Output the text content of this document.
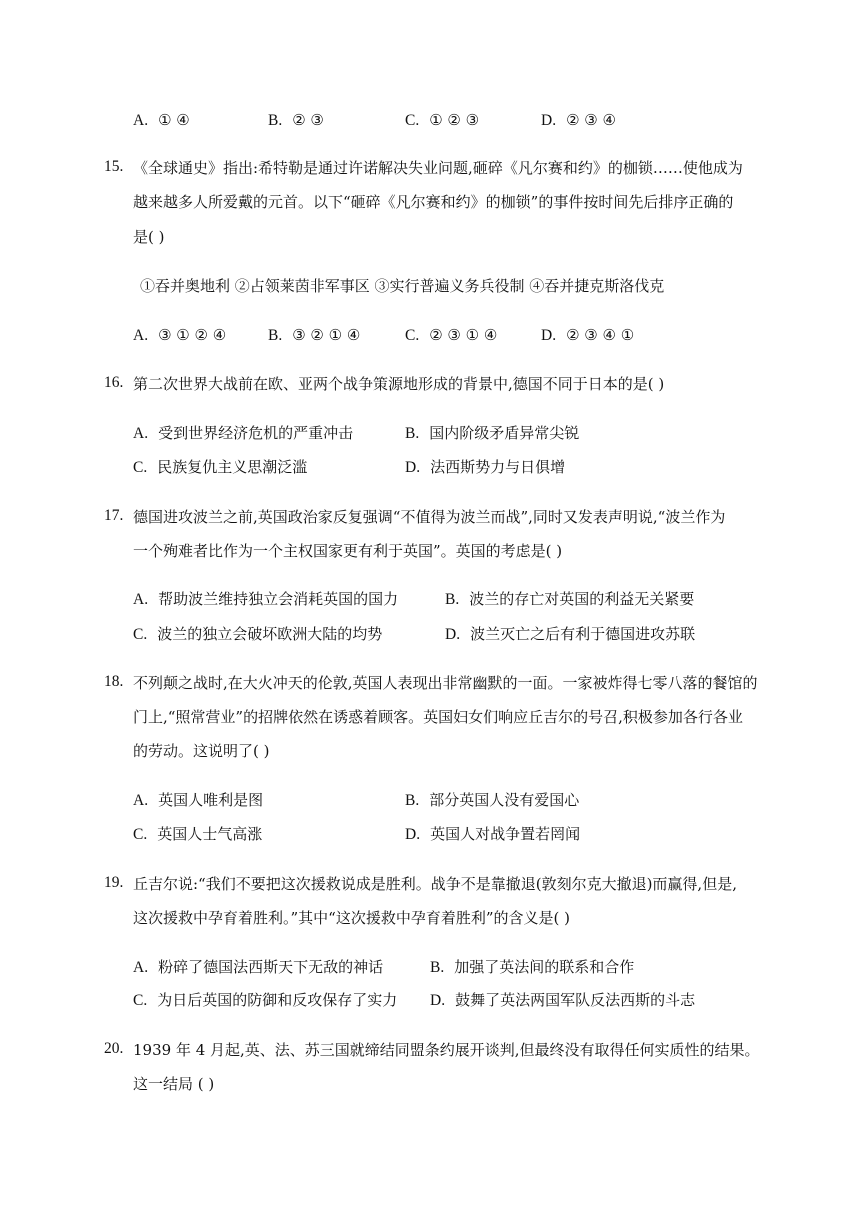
A. ① ④	B. ② ③	C. ① ② ③	D. ② ③ ④
15. 《全球通史》指出:希特勒是通过许诺解决失业问题,砸碎《凡尔赛和约》的枷锁‥‥‥使他成为
越来越多人所爱戴的元首。以下“砸碎《凡尔赛和约》的枷锁”的事件按时间先后排序正确的
是( )
①吞并奥地利 ②占领莱茵非军事区 ③实行普遍义务兵役制 ④吞并捷克斯洛伐克
A. ③ ① ② ④	B. ③ ② ① ④	C. ② ③ ① ④	D. ② ③ ④ ①
16. 第二次世界大战前在欧、亚两个战争策源地形成的背景中,德国不同于日本的是( )
A. 受到世界经济危机的严重冲击	B. 国内阶级矛盾异常尖锐
C. 民族复仇主义思潮泛滥	D. 法西斯势力与日俱增
17. 德国进攻波兰之前,英国政治家反复强调“不值得为波兰而战”,同时又发表声明说,“波兰作为
一个殉难者比作为一个主权国家更有利于英国”。英国的考虑是( )
A. 帮助波兰维持独立会消耗英国的国力	B. 波兰的存亡对英国的利益无关紧要
C. 波兰的独立会破坏欧洲大陆的均势	D. 波兰灭亡之后有利于德国进攻苏联
18. 不列颠之战时,在大火冲天的伦敦,英国人表现出非常幽默的一面。一家被炸得七零八落的餐馆的
门上,“照常营业”的招牌依然在诱惑着顾客。英国妇女们响应丘吉尔的号召,积极参加各行各业
的劳动。这说明了( )
A. 英国人唯利是图	B. 部分英国人没有爱国心
C. 英国人士气高涨	D. 英国人对战争置若罔闻
19. 丘吉尔说:“我们不要把这次援救说成是胜利。战争不是靠撤退(敦刻尔克大撤退)而赢得,但是,
这次援救中孕育着胜利。”其中“这次援救中孕育着胜利”的含义是( )
A. 粉碎了德国法西斯天下无敌的神话	B. 加强了英法间的联系和合作
C. 为日后英国的防御和反攻保存了实力 D. 鼓舞了英法两国军队反法西斯的斗志
20. 1939 年 4 月起,英、法、苏三国就缔结同盟条约展开谈判,但最终没有取得任何实质性的结果。
这一结局 ( )
